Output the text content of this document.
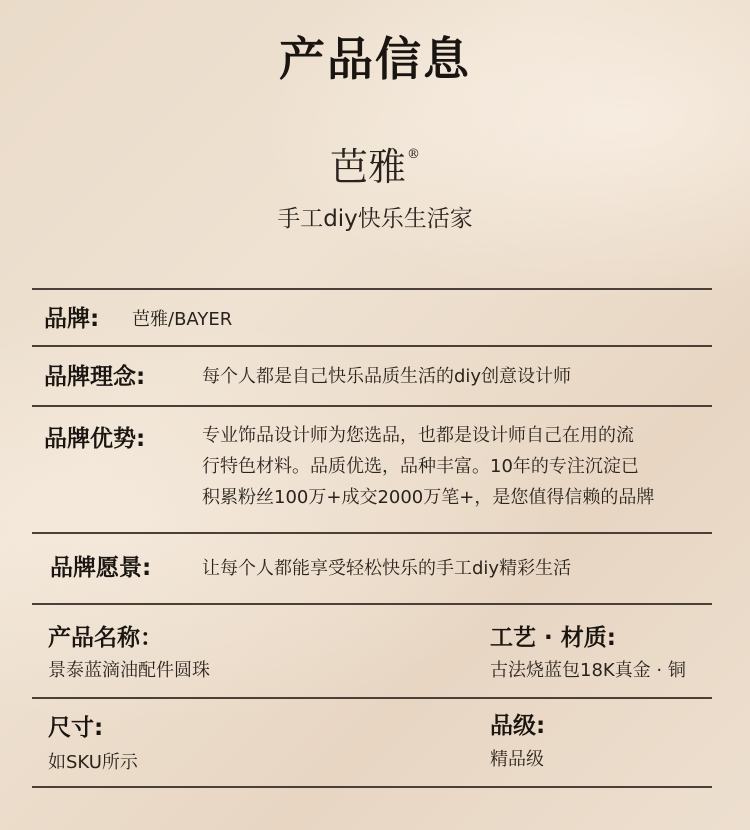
产品信息
芭雅®
手工diy快乐生活家
品牌: 芭雅/BAYER
品牌理念:	每个人都是自己快乐品质生活的diy创意设计师
品牌优势:	专业饰品设计师为您选品，也都是设计师自己在用的流
行特色材料。品质优选，品种丰富。10年的专注沉淀已
积累粉丝100万+成交2000万笔+，是您值得信赖的品牌
品牌愿景:	让每个人都能享受轻松快乐的手工diy精彩生活
产品名称：
景泰蓝滴油配件圆珠
工艺 · 材质:
古法烧蓝包18K真金 · 铜
尺寸:
如SKU所示
品级:
精品级
